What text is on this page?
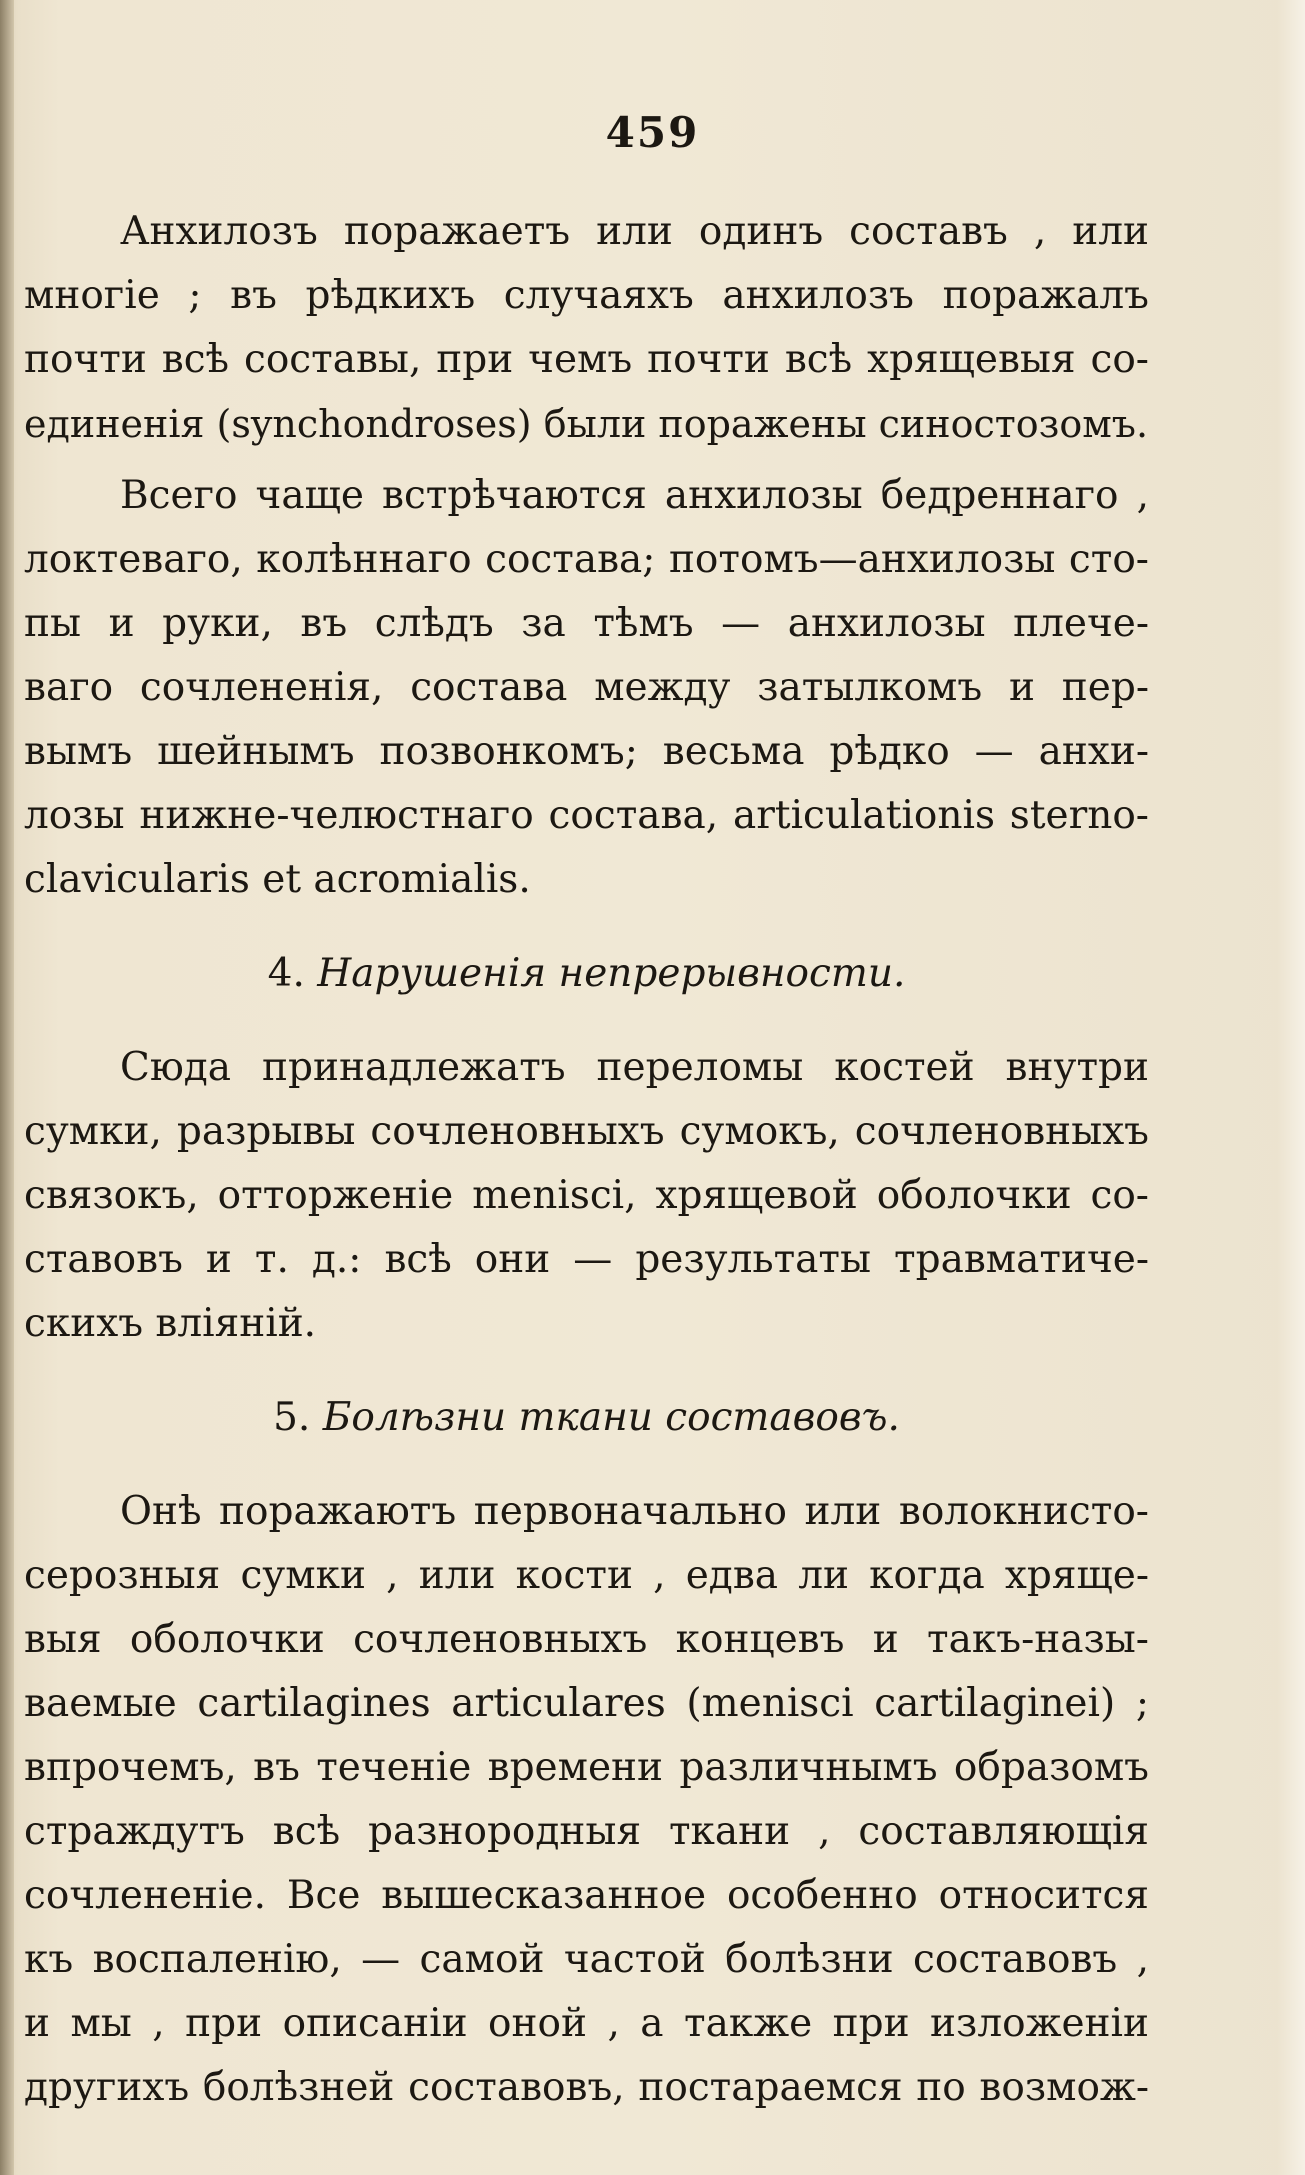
459
Анхилозъ поражаетъ или одинъ составъ , или
многіе ; въ рѣдкихъ случаяхъ анхилозъ поражалъ
почти всѣ составы, при чемъ почти всѣ хрящевыя со-
единенія (synchondroses) были поражены синостозомъ.
Всего чаще встрѣчаются анхилозы бедреннаго ,
локтеваго, колѣннаго состава; потомъ—анхилозы сто-
пы и руки, въ слѣдъ за тѣмъ — анхилозы плече-
ваго сочлененія, состава между затылкомъ и пер-
вымъ шейнымъ позвонкомъ; весьма рѣдко — анхи-
лозы нижне-челюстнаго состава, articulationis sterno-
clavicularis et acromialis.
4. Нарушенія непрерывности.
Сюда принадлежатъ переломы костей внутри
сумки, разрывы сочленовныхъ сумокъ, сочленовныхъ
связокъ, отторженіе menisci, хрящевой оболочки со-
ставовъ и т. д.: всѣ они — результаты травматиче-
скихъ вліяній.
5. Болѣзни ткани составовъ.
Онѣ поражаютъ первоначально или волокнисто-
серозныя сумки , или кости , едва ли когда хряще-
выя оболочки сочленовныхъ концевъ и такъ-назы-
ваемые cartilagines articulares (menisci cartilaginei) ;
впрочемъ, въ теченіе времени различнымъ образомъ
страждутъ всѣ разнородныя ткани , составляющія
сочлененіе. Все вышесказанное особенно относится
къ воспаленію, — самой частой болѣзни составовъ ,
и мы , при описаніи оной , а также при изложеніи
другихъ болѣзней составовъ, постараемся по возмож-
